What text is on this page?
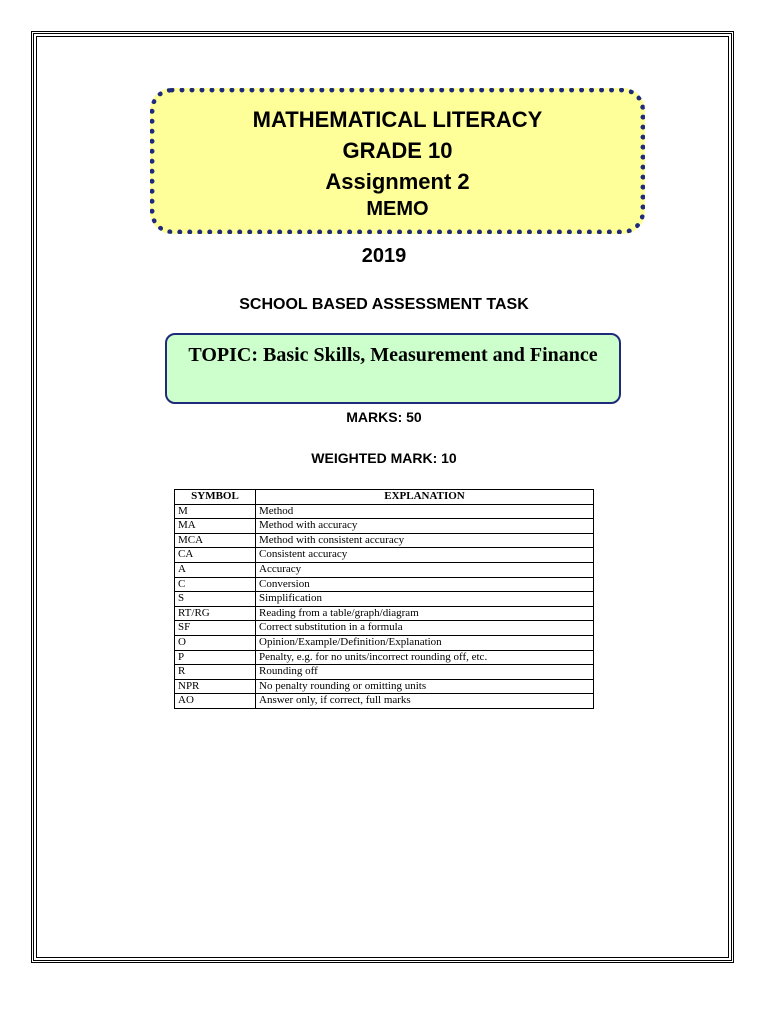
MATHEMATICAL LITERACY
GRADE 10
Assignment 2
MEMO
2019
SCHOOL BASED ASSESSMENT TASK
TOPIC: Basic Skills, Measurement and Finance
MARKS: 50
WEIGHTED MARK: 10
SYMBOL	EXPLANATION
M	Method
MA	Method with accuracy
MCA	Method with consistent accuracy
CA	Consistent accuracy
A	Accuracy
C	Conversion
S	Simplification
RT/RG	Reading from a table/graph/diagram
SF	Correct substitution in a formula
O	Opinion/Example/Definition/Explanation
P	Penalty, e.g. for no units/incorrect rounding off, etc.
R	Rounding off
NPR	No penalty rounding or omitting units
AO	Answer only, if correct, full marks
